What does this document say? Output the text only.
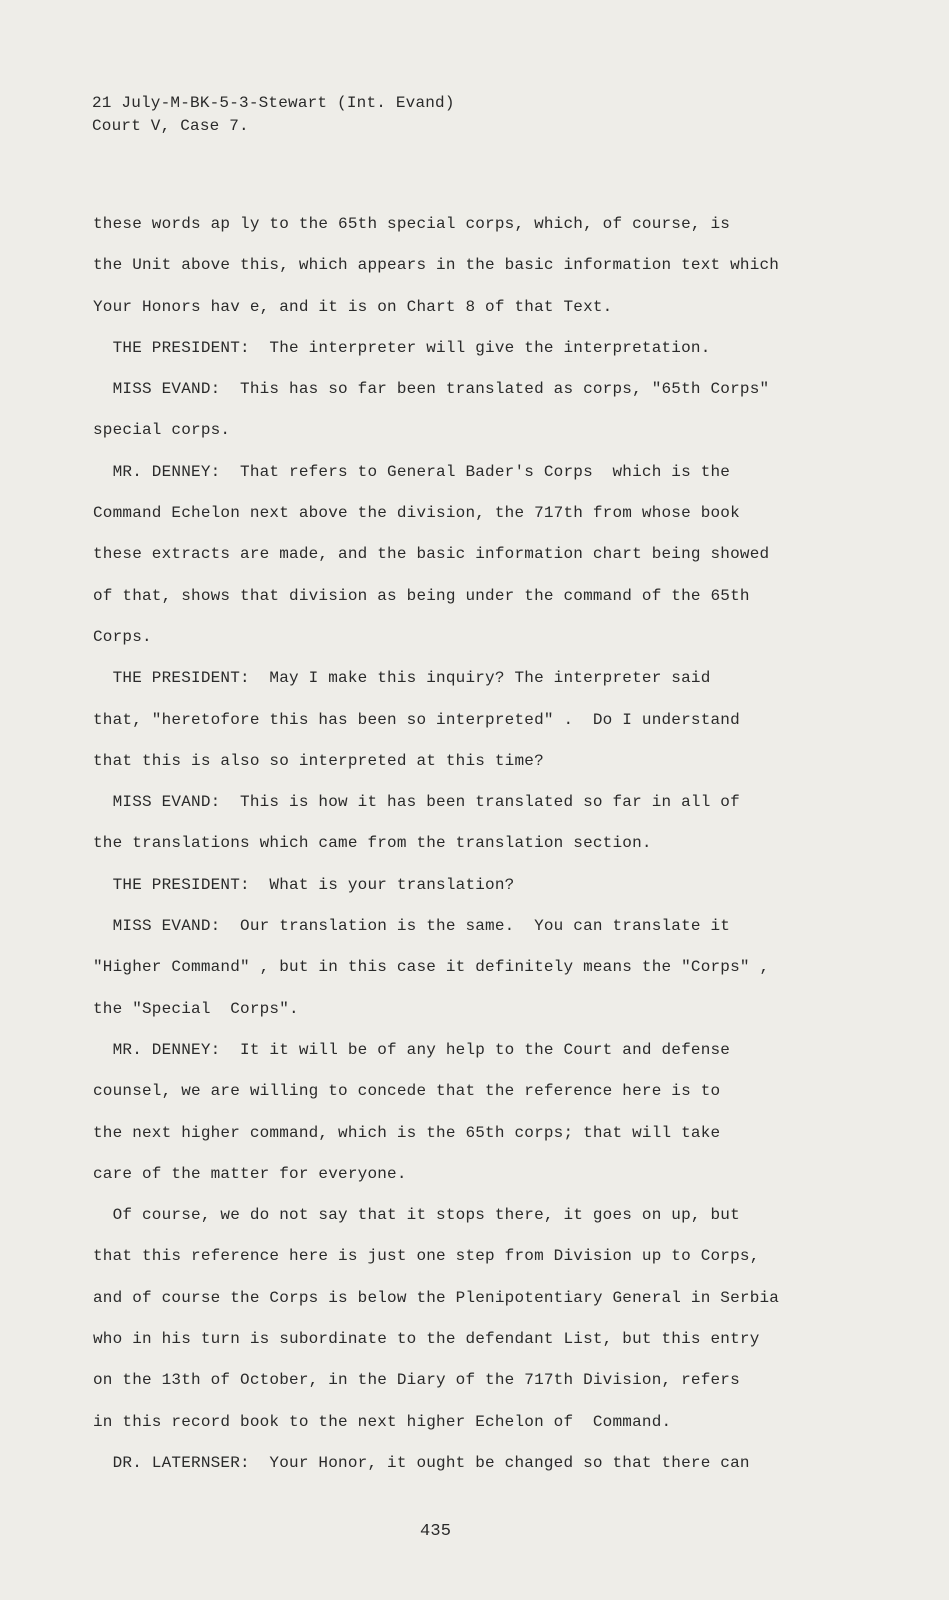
21 July-M-BK-5-3-Stewart (Int. Evand)
Court V, Case 7.
these words ap ly to the 65th special corps, which, of course, is
the Unit above this, which appears in the basic information text which
Your Honors hav e, and it is on Chart 8 of that Text.
THE PRESIDENT:  The interpreter will give the interpretation.
MISS EVAND:  This has so far been translated as corps, "65th Corps"
special corps.
MR. DENNEY:  That refers to General Bader's Corps  which is the
Command Echelon next above the division, the 717th from whose book
these extracts are made, and the basic information chart being showed
of that, shows that division as being under the command of the 65th
Corps.
THE PRESIDENT:  May I make this inquiry? The interpreter said
that, "heretofore this has been so interpreted" .  Do I understand
that this is also so interpreted at this time?
MISS EVAND:  This is how it has been translated so far in all of
the translations which came from the translation section.
THE PRESIDENT:  What is your translation?
MISS EVAND:  Our translation is the same.  You can translate it
"Higher Command" , but in this case it definitely means the "Corps" ,
the "Special  Corps".
MR. DENNEY:  It it will be of any help to the Court and defense
counsel, we are willing to concede that the reference here is to
the next higher command, which is the 65th corps; that will take
care of the matter for everyone.
Of course, we do not say that it stops there, it goes on up, but
that this reference here is just one step from Division up to Corps,
and of course the Corps is below the Plenipotentiary General in Serbia
who in his turn is subordinate to the defendant List, but this entry
on the 13th of October, in the Diary of the 717th Division, refers
in this record book to the next higher Echelon of  Command.
DR. LATERNSER:  Your Honor, it ought be changed so that there can
435
